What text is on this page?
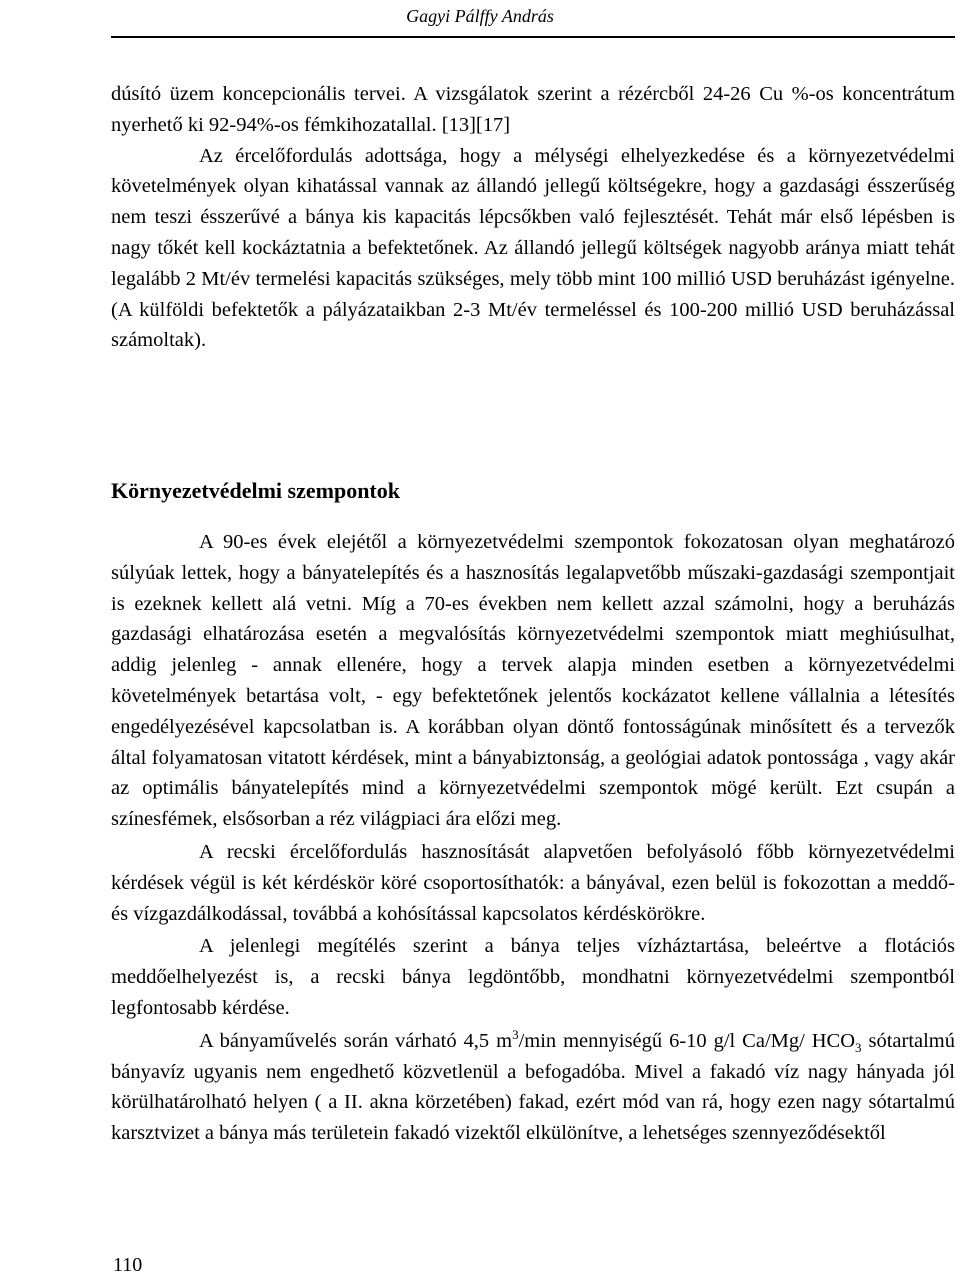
Gagyi Pálffy András

dúsító üzem koncepcionális tervei. A vizsgálatok szerint a rézércből 24-26 Cu %-os koncentrátum nyerhető ki 92-94%-os fémkihozatallal. [13][17]

Az ércelőfordulás adottsága, hogy a mélységi elhelyezkedése és a környezetvédelmi követelmények olyan kihatással vannak az állandó jellegű költségekre, hogy a gazdasági ésszerűség nem teszi ésszerűvé a bánya kis kapacitás lépcsőkben való fejlesztését. Tehát már első lépésben is nagy tőkét kell kockáztatnia a befektetőnek. Az állandó jellegű költségek nagyobb aránya miatt tehát legalább 2 Mt/év termelési kapacitás szükséges, mely több mint 100 millió USD beruházást igényelne. (A külföldi befektetők a pályázataikban 2-3 Mt/év termeléssel és 100-200 millió USD beruházással számoltak).

Környezetvédelmi szempontok

A 90-es évek elejétől a környezetvédelmi szempontok fokozatosan olyan meghatározó súlyúak lettek, hogy a bányatelepítés és a hasznosítás legalapvetőbb műszaki-gazdasági szempontjait is ezeknek kellett alá vetni. Míg a 70-es években nem kellett azzal számolni, hogy a beruházás gazdasági elhatározása esetén a megvalósítás környezetvédelmi szempontok miatt meghiúsulhat, addig jelenleg - annak ellenére, hogy a tervek alapja minden esetben a környezetvédelmi követelmények betartása volt, - egy befektetőnek jelentős kockázatot kellene vállalnia a létesítés engedélyezésével kapcsolatban is. A korábban olyan döntő fontosságúnak minősített és a tervezők által folyamatosan vitatott kérdések, mint a bányabiztonság, a geológiai adatok pontossága , vagy akár az optimális bányatelepítés mind a környezetvédelmi szempontok mögé került. Ezt csupán a színesfémek, elsősorban a réz világpiaci ára előzi meg.

A recski ércelőfordulás hasznosítását alapvetően befolyásoló főbb környezetvédelmi kérdések végül is két kérdéskör köré csoportosíthatók: a bányával, ezen belül is fokozottan a meddő- és vízgazdálkodással, továbbá a kohósítással kapcsolatos kérdéskörökre.

A jelenlegi megítélés szerint a bánya teljes vízháztartása, beleértve a flotációs meddőelhelyezést is, a recski bánya legdöntőbb, mondhatni környezetvédelmi szempontból legfontosabb kérdése.

A bányaművelés során várható 4,5 $m^3/\min$ mennyiségű 6-10 g/l Ca/Mg/ $HCO_3$ sótartalmú bányavíz ugyanis nem engedhető közvetlenül a befogadóba. Mivel a fakadó víz nagy hányada jól körülhatárolható helyen ( a II. akna körzetében) fakad, ezért mód van rá, hogy ezen nagy sótartalmú karsztvizet a bánya más területein fakadó vizektől elkülönítve, a lehetséges szennyeződésektől

110
